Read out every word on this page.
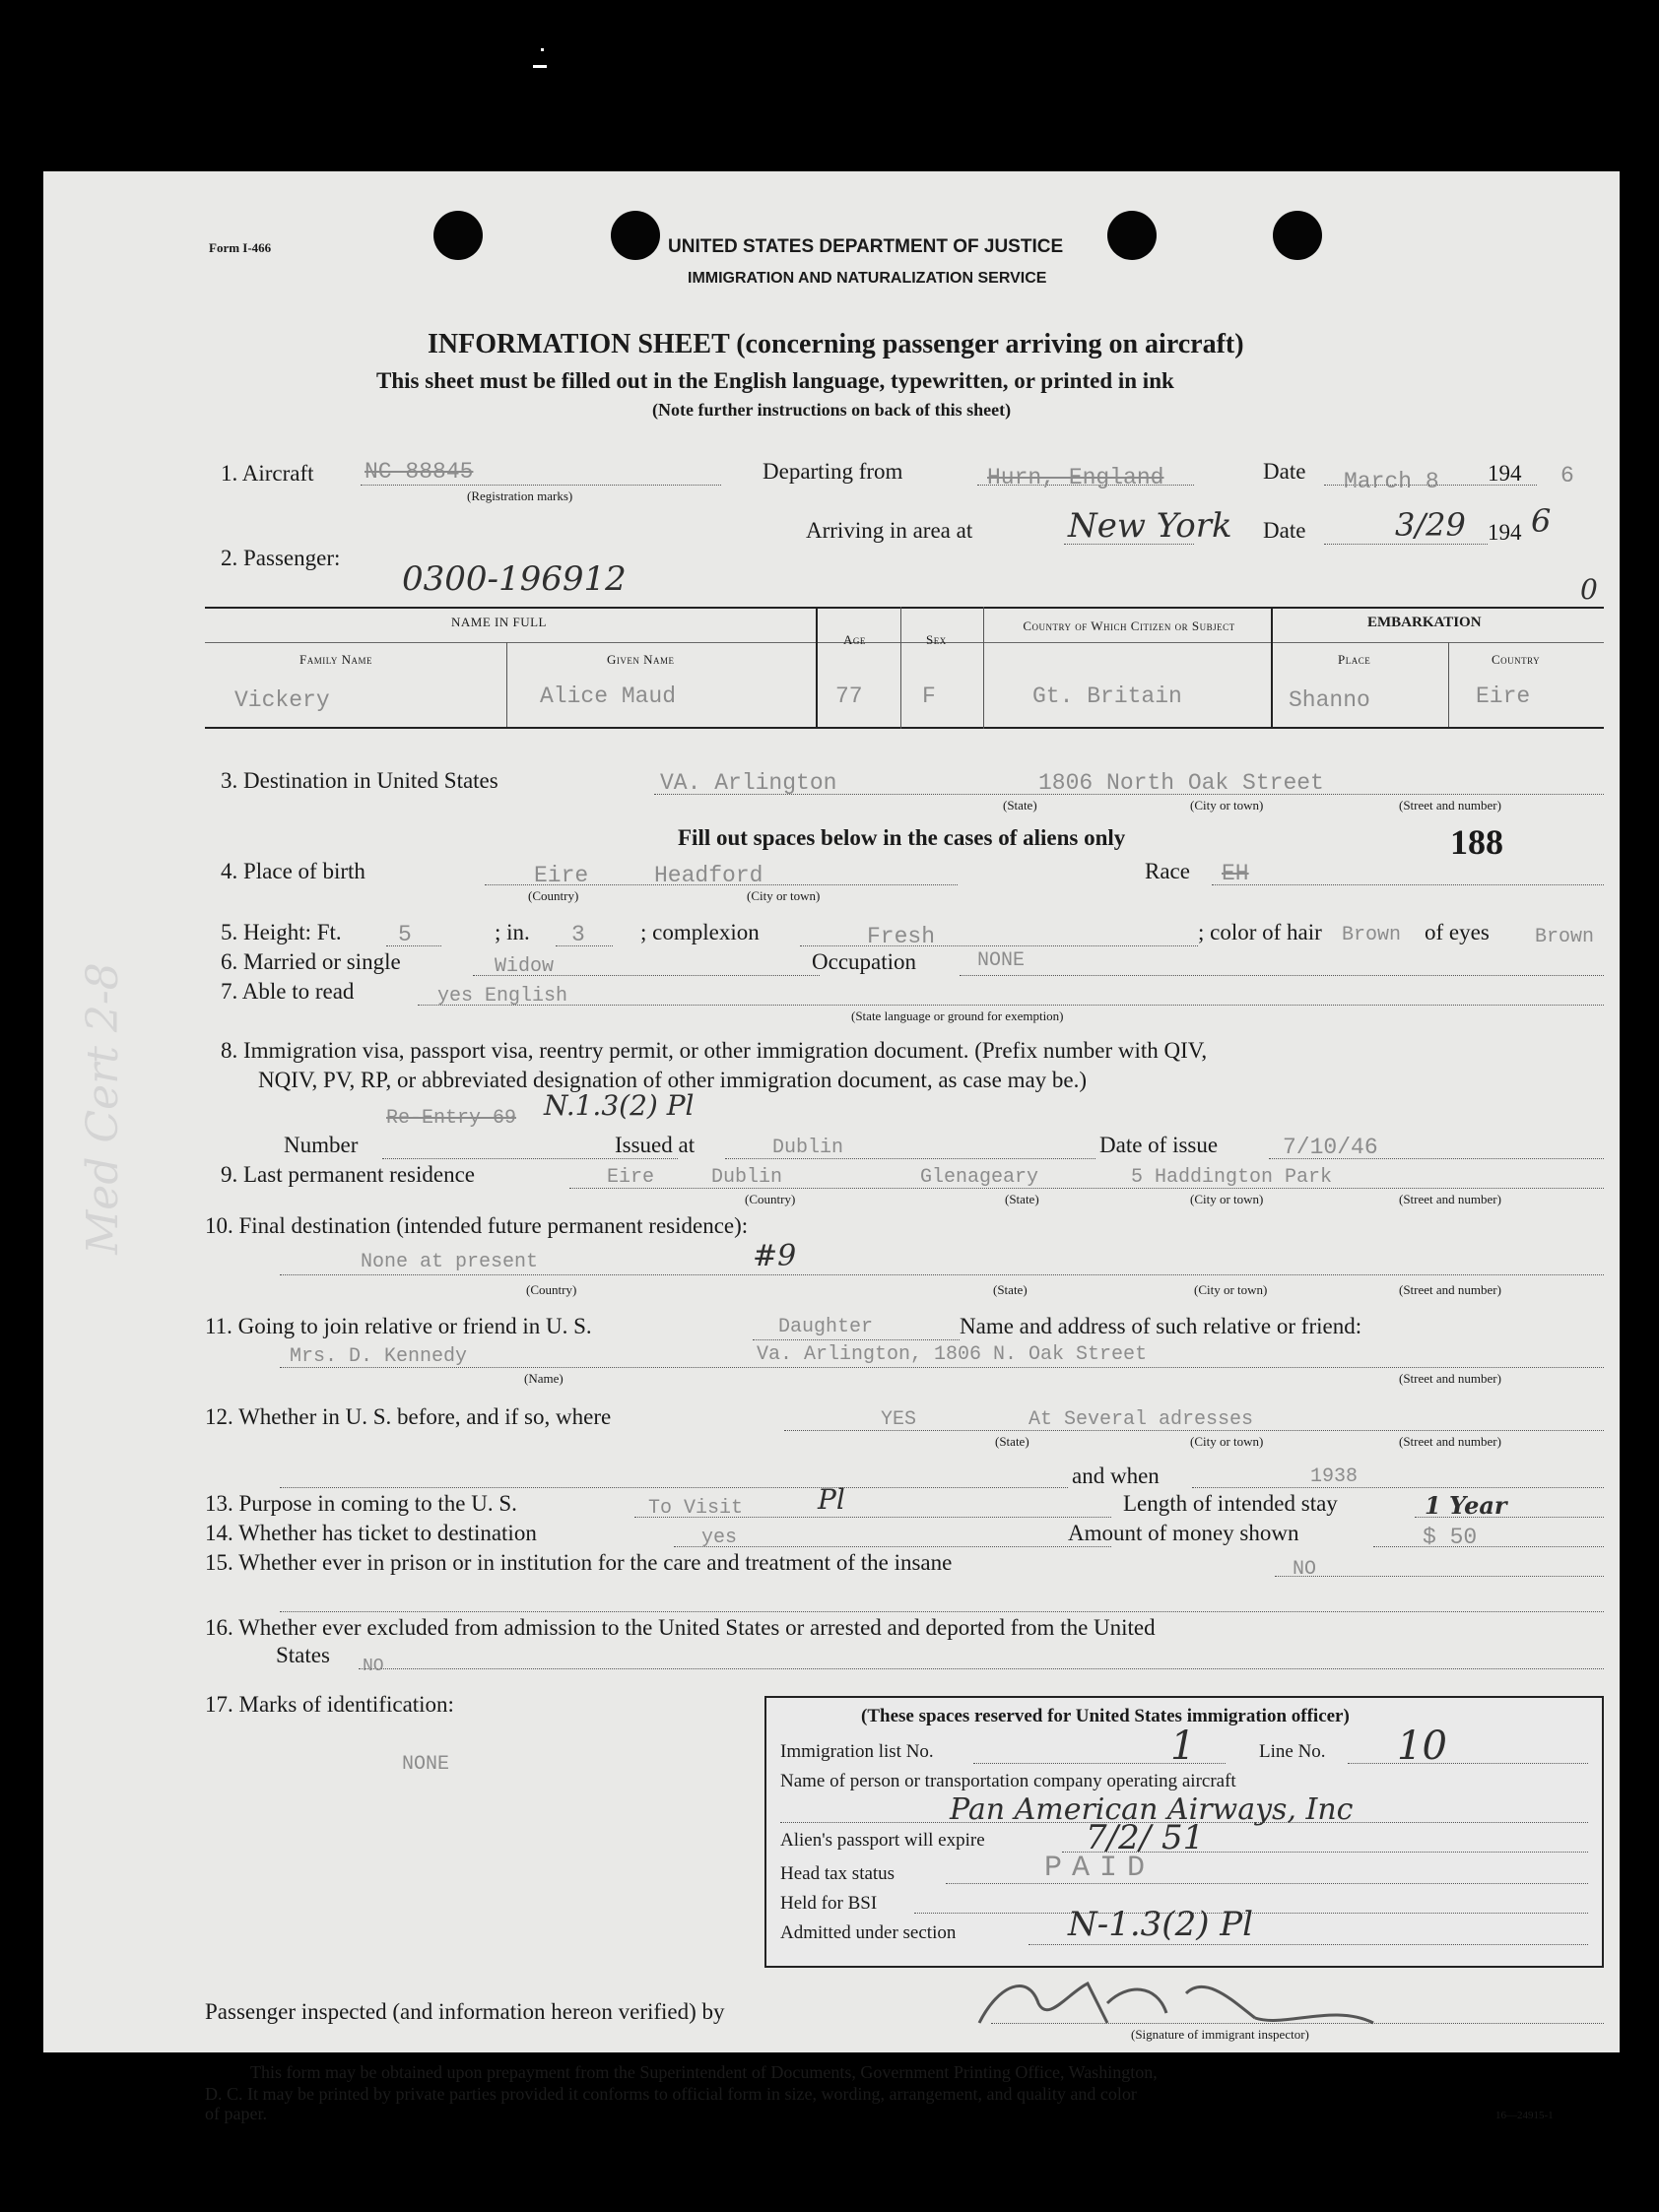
Form I-466	UNITED STATES DEPARTMENT OF JUSTICE
IMMIGRATION AND NATURALIZATION SERVICE
INFORMATION SHEET (concerning passenger arriving on aircraft)
This sheet must be filled out in the English language, typewritten, or printed in ink
(Note further instructions on back of this sheet)
1. Aircraft NC 88845
(Registration marks)
Departing from	Hurn, England	Date March 8 194 6
Arriving in area at	New York Date	3/29 194 6
2. Passenger:
0300-196912	0
NAME IN FULL
Family Name	Given Name
Age	Sex
Country of Which Citizen or Subject	EMBARKATION
Place	Country
Vickery	Alice Maud	77	F	Gt. Britain	Shanno	Eire
3. Destination in United States	VA. Arlington	1806 North Oak Street
(State)	(City or town)	(Street and number)
Fill out spaces below in the cases of aliens only	188
4. Place of birth	Eire	Headford
(Country)	(City or town)
Race EH
5. Height: Ft. 5	; in. 3 ; complexion	Fresh	; color of hair Brown of eyes Brown
6. Married or single	Widow	Occupation	NONE
7. Able to read	yes English
(State language or ground for exemption)
8. Immigration visa, passport visa, reentry permit, or other immigration document. (Prefix number with QIV,
NQIV, PV, RP, or abbreviated designation of other immigration document, as case may be.)
N.1.3(2) Pl
Number
Re-Entry 69
Issued at	Dublin	Date of issue	7/10/46
9. Last permanent residence	Eire	Dublin	Glenageary	5 Haddington Park
(Country)	(State)	(City or town)	(Street and number)
10. Final destination (intended future permanent residence):
None at present	#9
(Country)	(State)	(City or town)	(Street and number)
11. Going to join relative or friend in U. S.	Daughter	Name and address of such relative or friend:
Mrs. D. Kennedy	Va. Arlington, 1806 N. Oak Street
(Name)	(Street and number)
12. Whether in U. S. before, and if so, where	YES	At Several adresses
(State)	(City or town)	(Street and number)
and when	1938
13. Purpose in coming to the U. S.	To Visit	Pl	Length of intended stay	1 Year
14. Whether has ticket to destination	yes	Amount of money shown	$ 50
15. Whether ever in prison or in institution for the care and treatment of the insane	NO
16. Whether ever excluded from admission to the United States or arrested and deported from the United
States NO
17. Marks of identification:
NONE
(These spaces reserved for United States immigration officer)
Immigration list No.	1	Line No. 10
Name of person or transportation company operating aircraft
Pan American Airways, Inc
Alien's passport will expire	7/2/ 51
Head tax status	PAID
Held for BSI
Admitted under section	N-1.3(2) Pl
Passenger inspected (and information hereon verified) by
(Signature of immigrant inspector)
This form may be obtained upon prepayment from the Superintendent of Documents, Government Printing Office, Washington,
D. C. It may be printed by private parties provided it conforms to official form in size, wording, arrangement, and quality and color
of paper.	16—24915-1
Med Cert 2-8
